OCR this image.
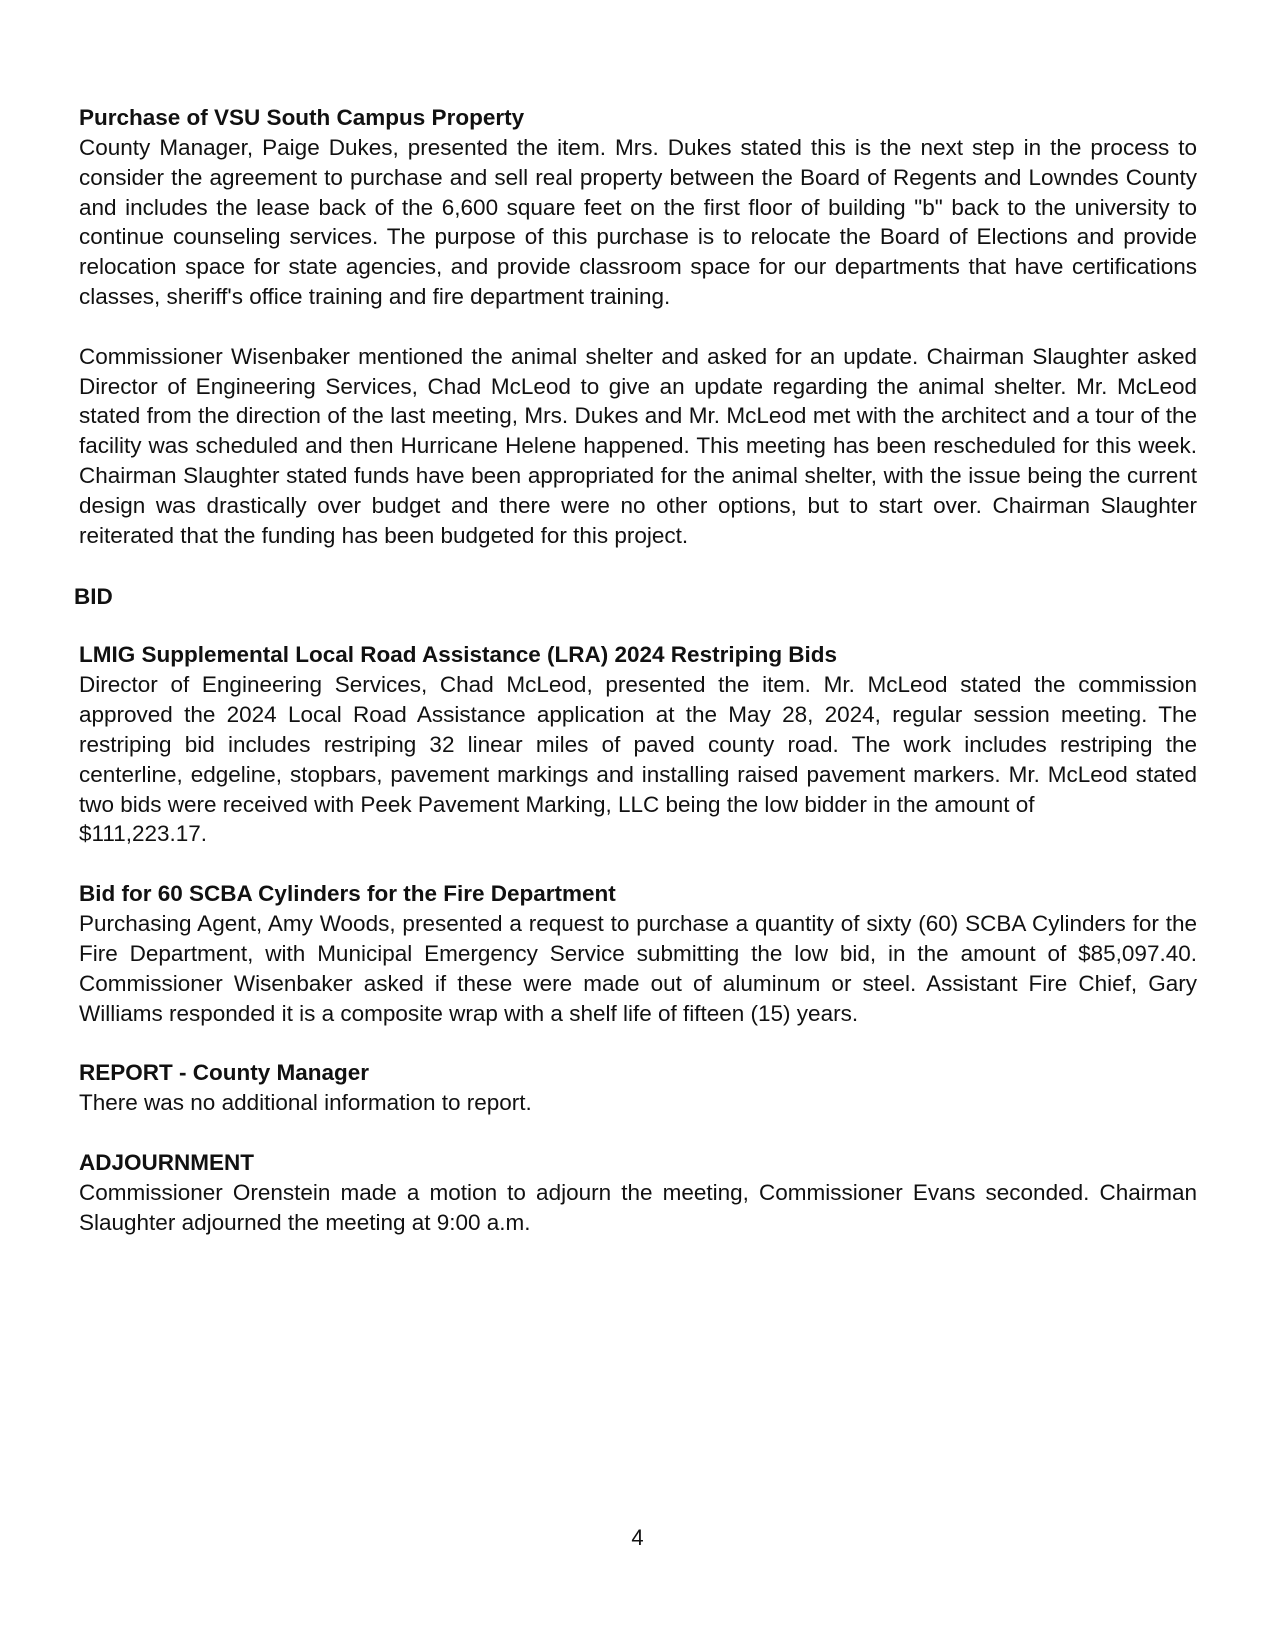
Purchase of VSU South Campus Property

County Manager, Paige Dukes, presented the item. Mrs. Dukes stated this is the next step in the process to consider the agreement to purchase and sell real property between the Board of Regents and Lowndes County and includes the lease back of the 6,600 square feet on the first floor of building "b" back to the university to continue counseling services. The purpose of this purchase is to relocate the Board of Elections and provide relocation space for state agencies, and provide classroom space for our departments that have certifications classes, sheriff's office training and fire department training.

Commissioner Wisenbaker mentioned the animal shelter and asked for an update. Chairman Slaughter asked Director of Engineering Services, Chad McLeod to give an update regarding the animal shelter. Mr. McLeod stated from the direction of the last meeting, Mrs. Dukes and Mr. McLeod met with the architect and a tour of the facility was scheduled and then Hurricane Helene happened. This meeting has been rescheduled for this week. Chairman Slaughter stated funds have been appropriated for the animal shelter, with the issue being the current design was drastically over budget and there were no other options, but to start over. Chairman Slaughter reiterated that the funding has been budgeted for this project.

BID
LMIG Supplemental Local Road Assistance (LRA) 2024 Restriping Bids

Director of Engineering Services, Chad McLeod, presented the item. Mr. McLeod stated the commission approved the 2024 Local Road Assistance application at the May 28, 2024, regular session meeting. The restriping bid includes restriping 32 linear miles of paved county road. The work includes restriping the centerline, edgeline, stopbars, pavement markings and installing raised pavement markers. Mr. McLeod stated two bids were received with Peek Pavement Marking, LLC being the low bidder in the amount of

$111,223.17.

Bid for 60 SCBA Cylinders for the Fire Department

Purchasing Agent, Amy Woods, presented a request to purchase a quantity of sixty (60) SCBA Cylinders for the Fire Department, with Municipal Emergency Service submitting the low bid, in the amount of $85,097.40. Commissioner Wisenbaker asked if these were made out of aluminum or steel. Assistant Fire Chief, Gary Williams responded it is a composite wrap with a shelf life of fifteen (15) years.

REPORT - County Manager

There was no additional information to report.

ADJOURNMENT

Commissioner Orenstein made a motion to adjourn the meeting, Commissioner Evans seconded. Chairman Slaughter adjourned the meeting at 9:00 a.m.

4
